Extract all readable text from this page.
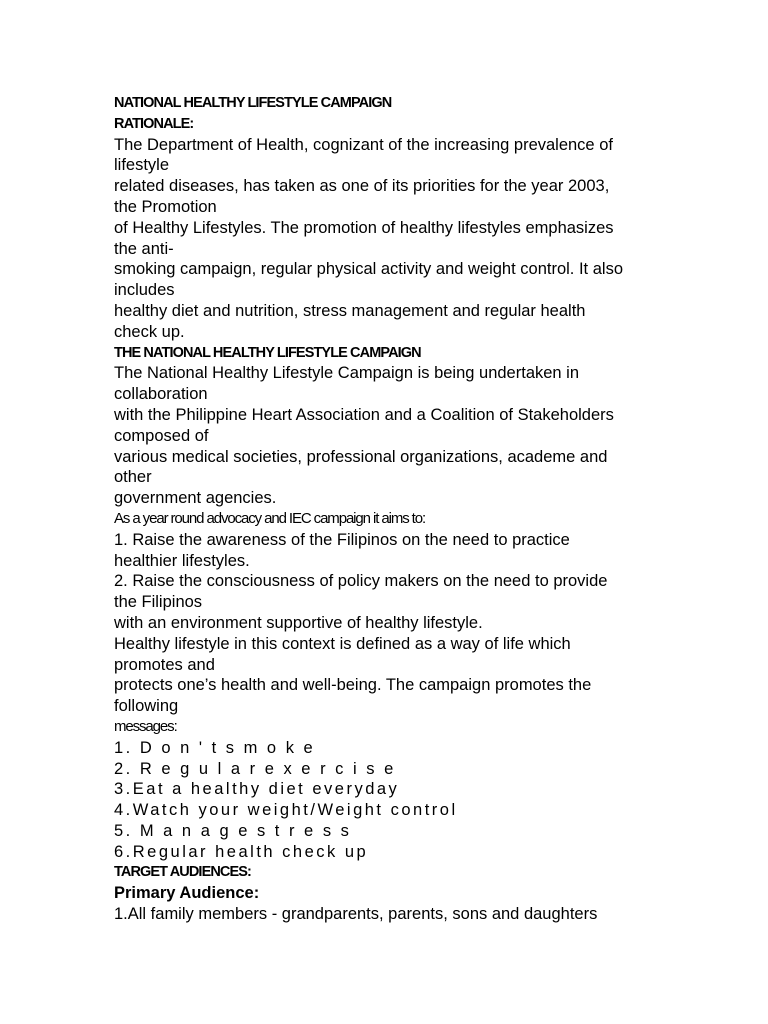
NATIONAL HEALTHY LIFESTYLE CAMPAIGN
RATIONALE:
The Department of Health, cognizant of the increasing prevalence of
lifestyle
related diseases, has taken as one of its priorities for the year 2003,
the Promotion
of Healthy Lifestyles. The promotion of healthy lifestyles emphasizes
the anti-
smoking campaign, regular physical activity and weight control. It also
includes
healthy diet and nutrition, stress management and regular health
check up.
THE NATIONAL HEALTHY LIFESTYLE CAMPAIGN
The National Healthy Lifestyle Campaign is being undertaken in
collaboration
with the Philippine Heart Association and a Coalition of Stakeholders
composed of
various medical societies, professional organizations, academe and
other
government agencies.
As a year round advocacy and IEC campaign it aims to:
1. Raise the awareness of the Filipinos on the need to practice
healthier lifestyles.
2. Raise the consciousness of policy makers on the need to provide
the Filipinos
with an environment supportive of healthy lifestyle.
Healthy lifestyle in this context is defined as a way of life which
promotes and
protects one’s health and well-being. The campaign promotes the
following
messages:
1. D o n ' t s m o k e
2. R e g u l a r e x e r c i s e
3.Eat a healthy diet everyday
4.Watch your weight/Weight control
5. M a n a g e s t r e s s
6.Regular health check up
TARGET AUDIENCES:
Primary Audience:
1.All family members - grandparents, parents, sons and daughters
